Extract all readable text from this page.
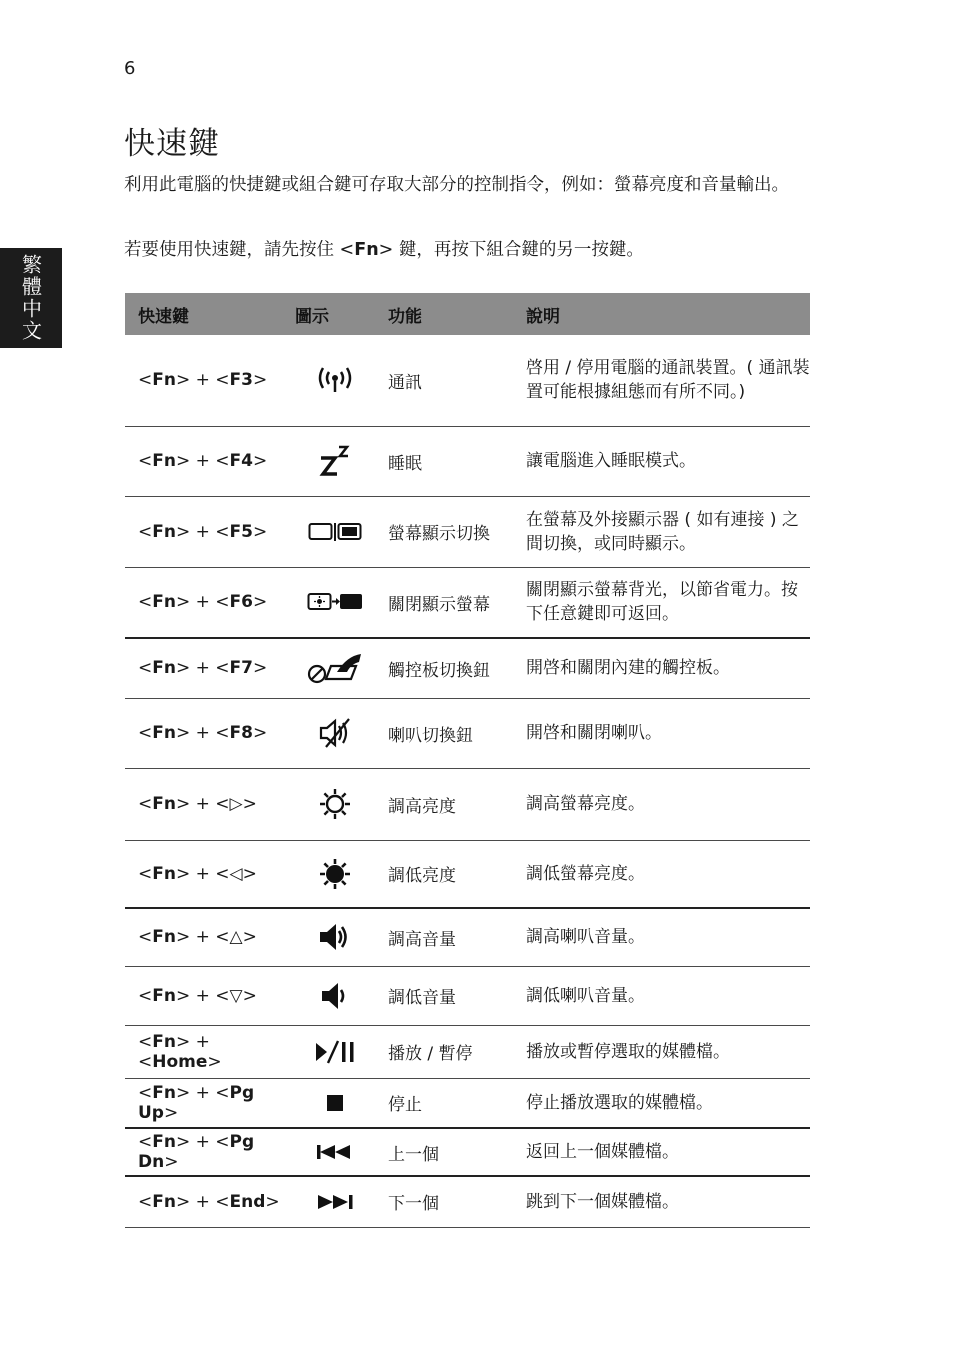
6
快速鍵

利用此電腦的快捷鍵或組合鍵可存取大部分的控制指令，例如：螢幕亮度和音量輸出。

若要使用快速鍵，請先按住 <Fn> 鍵，再按下組合鍵的另一按鍵。

繁體中文	快速鍵	圖示	功能	說明
<Fn> + <F3>		通訊	啓用 / 停用電腦的通訊裝置。( 通訊裝置可能根據組態而有所不同。)
<Fn> + <F4>		睡眠	讓電腦進入睡眠模式。
<Fn> + <F5>		螢幕顯示切換	在螢幕及外接顯示器 ( 如有連接 ) 之間切換，或同時顯示。
<Fn> + <F6>		關閉顯示螢幕	關閉顯示螢幕背光，以節省電力。按下任意鍵即可返回。
<Fn> + <F7>		觸控板切換鈕	開啓和關閉內建的觸控板。
<Fn> + <F8>		喇叭切換鈕	開啓和關閉喇叭。
<Fn> + <▷>		調高亮度	調高螢幕亮度。
<Fn> + <◁>		調低亮度	調低螢幕亮度。
<Fn> + <△>		調高音量	調高喇叭音量。
<Fn> + <▽>		調低音量	調低喇叭音量。
<Fn> + <Home>		播放 / 暫停	播放或暫停選取的媒體檔。
<Fn> + <Pg Up>		停止	停止播放選取的媒體檔。
<Fn> + <Pg Dn>		上一個	返回上一個媒體檔。
<Fn> + <End>		下一個	跳到下一個媒體檔。
